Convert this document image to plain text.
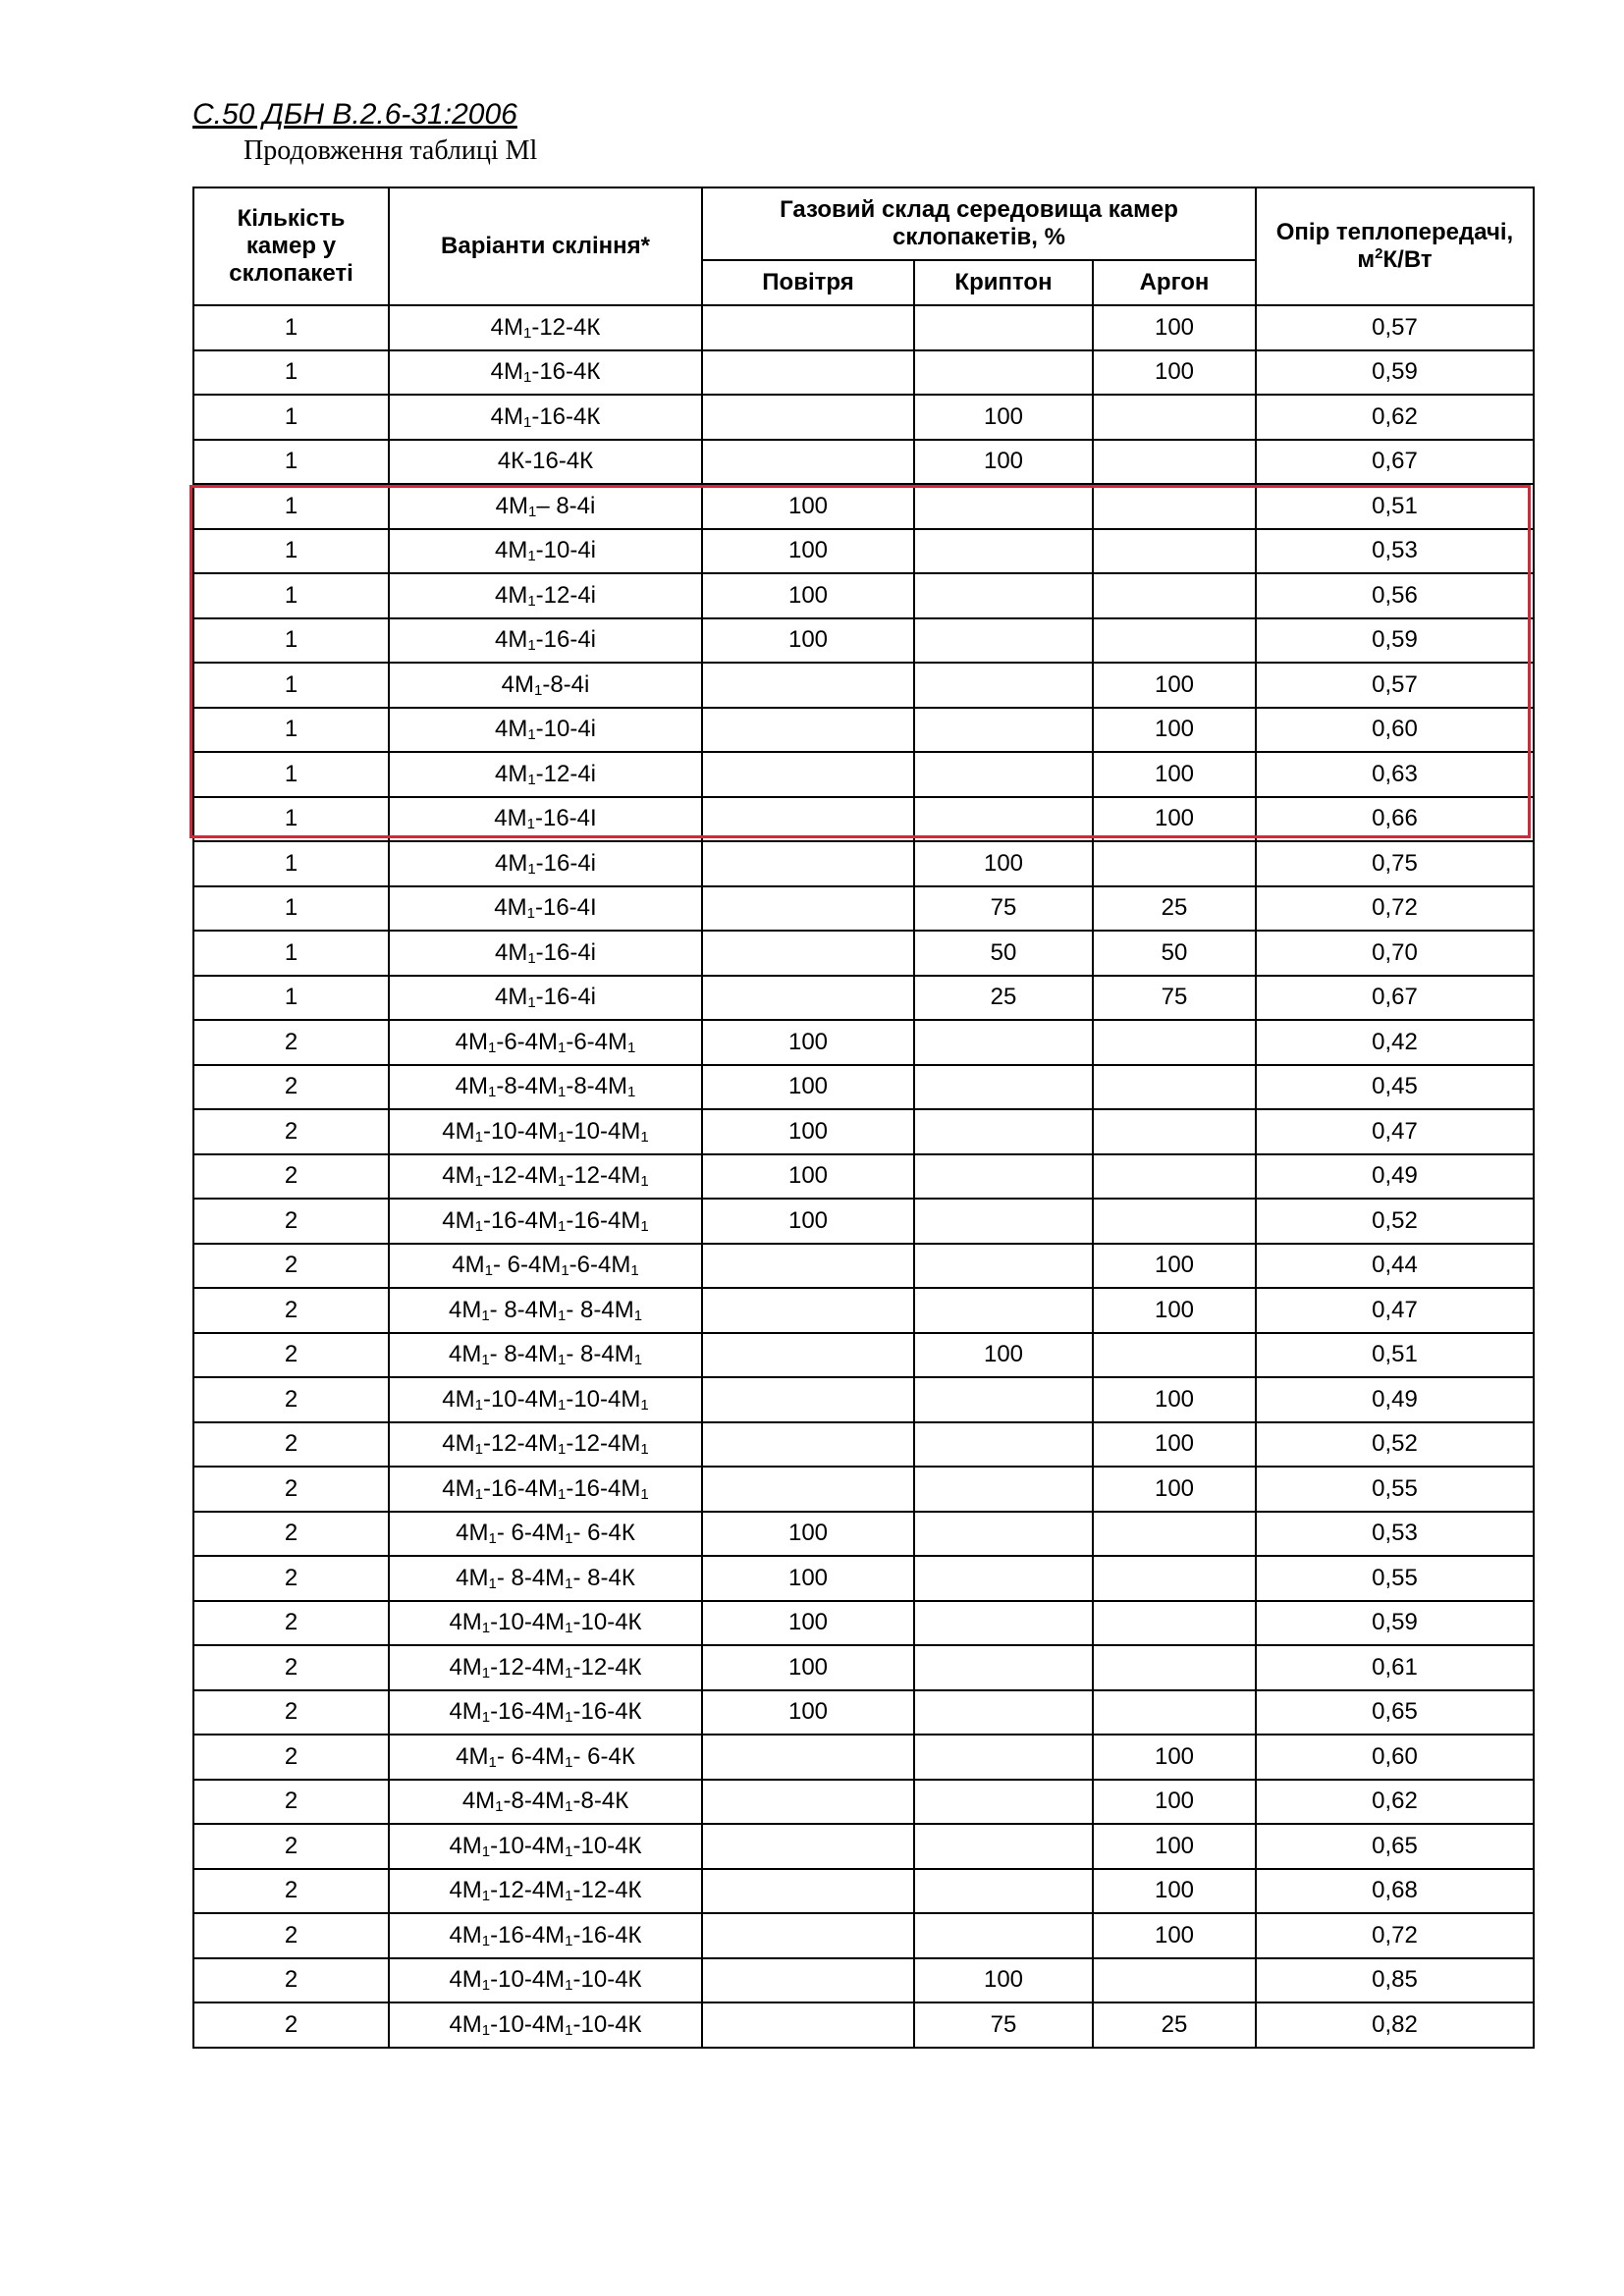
С.50 ДБН В.2.6-31:2006
Продовження таблиці Ml
Кількість камер у склопакеті	Варіанти скління*	Газовий склад середовища камер склопакетів, %			Опір теплопередачі, $м^2К/Вт$

		Повітря	Криптон	Аргон	
1	$4М_1-12-4К$			100	0,57
1	$4М_1-16-4К$			100	0,59
1	$4М_1-16-4К$		100		0,62
1	4К-16-4К		100		0,67
1	$4М_1-$ 8-4і	100			0,51
1	$4М_1-10-4і$	100			0,53
1	$4М_1-12-4і$	100			0,56
1	$4М_1-16-4і$	100			0,59
1	$4М_1-8-4і$			100	0,57
1	$4М_1-10-4і$			100	0,60
1	$4М_1-12-4і$			100	0,63
1	$4М_1-16-4І$			100	0,66
1	$4М_1-16-4і$		100		0,75
1	$4М_1-16-4І$		75	25	0,72
1	$4М_1-16-4і$		50	50	0,70
1	$4М_1-16-4і$		25	75	0,67
2	$4М_1-6-4М_1-6-4М_1$	100			0,42
2	$4М_1-8-4М_1-8-4М_1$	100			0,45
2	$4М_1-10-4М_1-10-4М_1$	100			0,47
2	$4М_1-12-4М_1-12-4М_1$	100			0,49
2	$4М_1-16-4М_1-16-4М_1$	100			0,52
2	$4М_1-$ $6-4М_1-6-4М_1$			100	0,44
2	$4М_1-$ $8-4М_1-$ $8-4М_1$			100	0,47
2	$4М_1-$ $8-4М_1-$ $8-4М_1$		100		0,51
2	$4М_1-10-4М_1-10-4М_1$			100	0,49
2	$4М_1-12-4М_1-12-4М_1$			100	0,52
2	$4М_1-16-4М_1-16-4М_1$			100	0,55
2	$4М_1-$ $6-4М_1-$ 6-4К	100			0,53
2	$4М_1-$ $8-4М_1-$ 8-4К	100			0,55
2	$4М_1-10-4М_1-10-4К$	100			0,59
2	$4М_1-12-4М_1-12-4К$	100			0,61
2	$4М_1-16-4М_1-16-4К$	100			0,65
2	$4М_1-$ $6-4М_1-$ 6-4К			100	0,60
2	$4М_1-8-4М_1-8-4К$			100	0,62
2	$4М_1-10-4М_1-10-4К$			100	0,65
2	$4М_1-12-4М_1-12-4К$			100	0,68
2	$4М_1-16-4М_1-16-4К$			100	0,72
2	$4М_1-10-4М_1-10-4К$		100		0,85
2	$4М_1-10-4М_1-10-4К$		75	25	0,82
